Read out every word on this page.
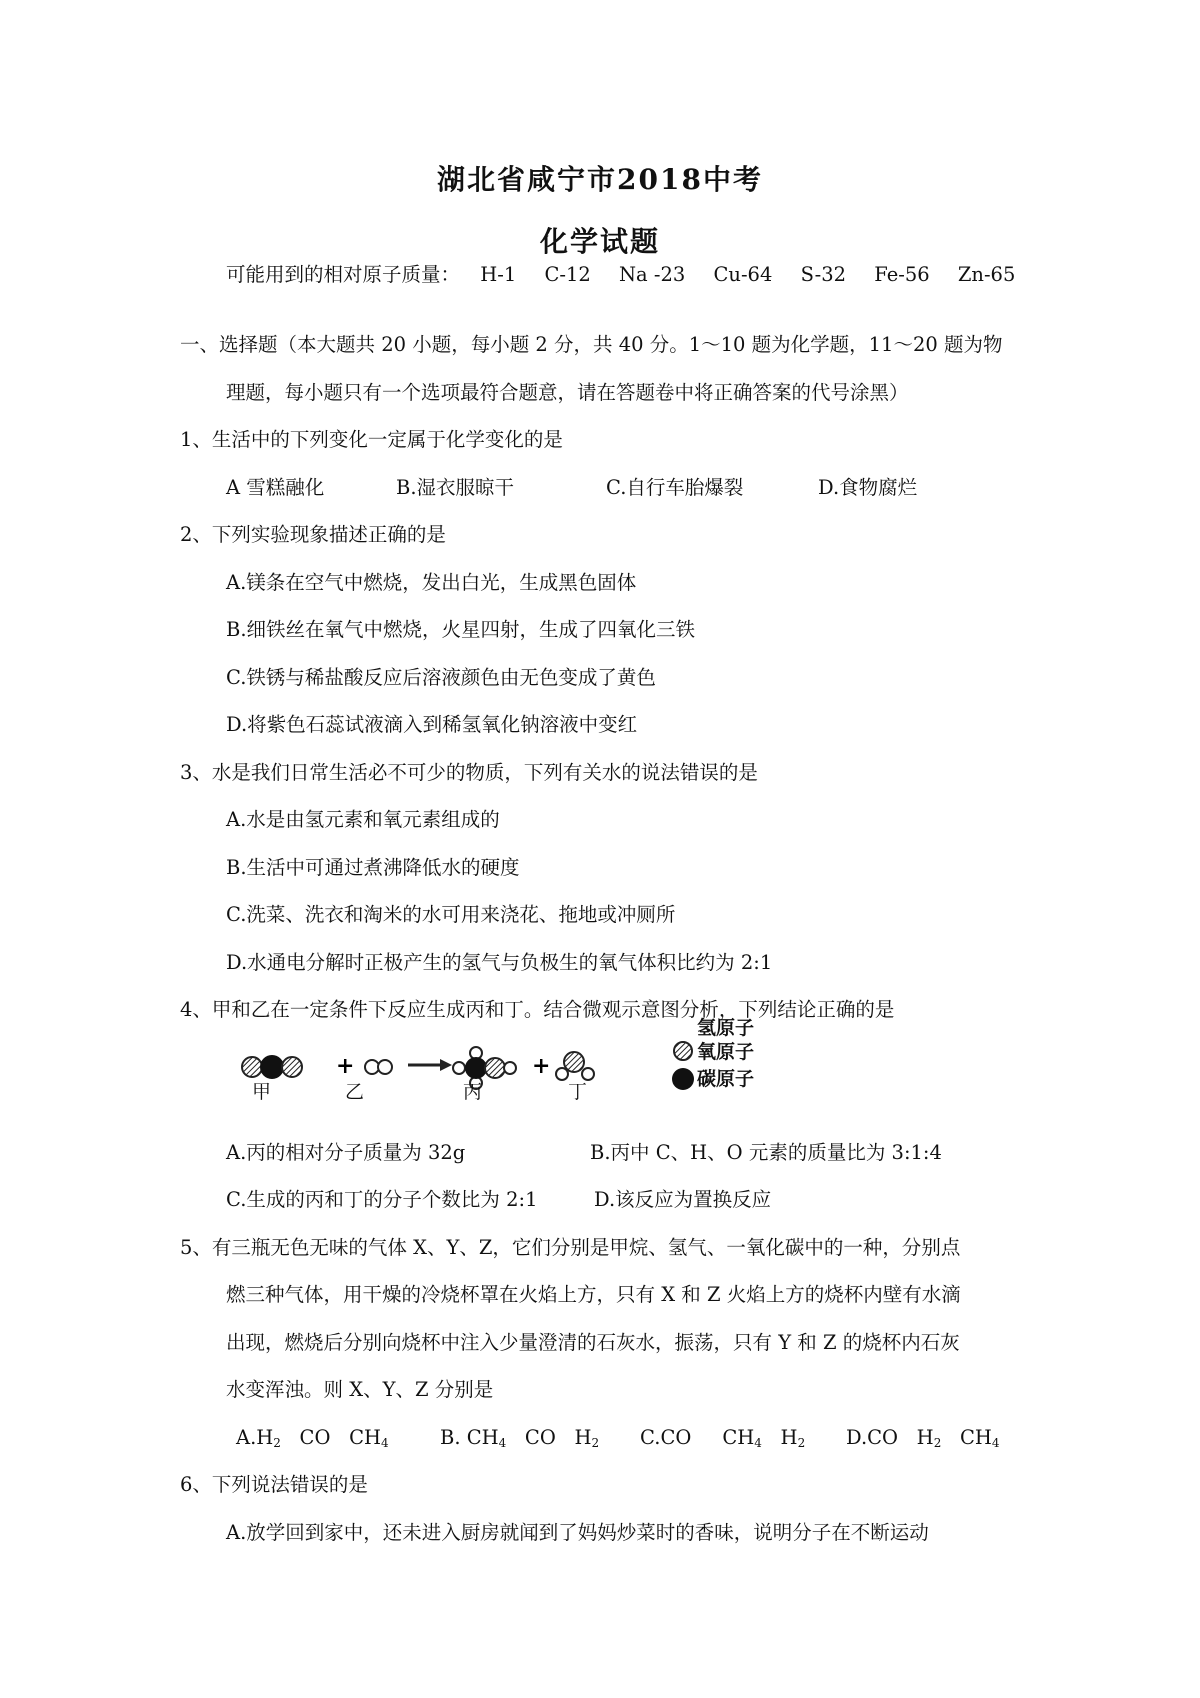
湖北省咸宁市2018中考
化学试题
可能用到的相对原子质量： H-1 C-12 Na -23 Cu-64 S-32 Fe-56 Zn-65
一、选择题（本大题共 20 小题，每小题 2 分，共 40 分。1～10 题为化学题，11～20 题为物
理题，每小题只有一个选项最符合题意，请在答题卷中将正确答案的代号涂黑）
1、生活中的下列变化一定属于化学变化的是
A 雪糕融化	B.湿衣服晾干	C.自行车胎爆裂	D.食物腐烂
2、下列实验现象描述正确的是
A.镁条在空气中燃烧，发出白光，生成黑色固体
B.细铁丝在氧气中燃烧，火星四射，生成了四氧化三铁
C.铁锈与稀盐酸反应后溶液颜色由无色变成了黄色
D.将紫色石蕊试液滴入到稀氢氧化钠溶液中变红
3、水是我们日常生活必不可少的物质，下列有关水的说法错误的是
A.水是由氢元素和氧元素组成的
B.生活中可通过煮沸降低水的硬度
C.洗菜、洗衣和淘米的水可用来浇花、拖地或冲厕所
D.水通电分解时正极产生的氢气与负极生的氧气体积比约为 2:1
4、甲和乙在一定条件下反应生成丙和丁。结合微观示意图分析，下列结论正确的是
+	+
甲	乙	丙	丁
氢原子
氧原子
碳原子
A.丙的相对分子质量为 32g	B.丙中 C、H、O 元素的质量比为 3:1:4
C.生成的丙和丁的分子个数比为 2:1	D.该反应为置换反应
5、有三瓶无色无味的气体 X、Y、Z，它们分别是甲烷、氢气、一氧化碳中的一种，分别点
燃三种气体，用干燥的冷烧杯罩在火焰上方，只有 X 和 Z 火焰上方的烧杯内壁有水滴
出现，燃烧后分别向烧杯中注入少量澄清的石灰水，振荡，只有 Y 和 Z 的烧杯内石灰
水变浑浊。则 X、Y、Z 分别是
$A.H_2$ CO $CH_4$	B. $CH_4$ CO $H_2$ C.CO $CH_4$ $H_2$ D.CO $H_2$ $CH_4$
6、下列说法错误的是
A.放学回到家中，还未进入厨房就闻到了妈妈炒菜时的香味，说明分子在不断运动
